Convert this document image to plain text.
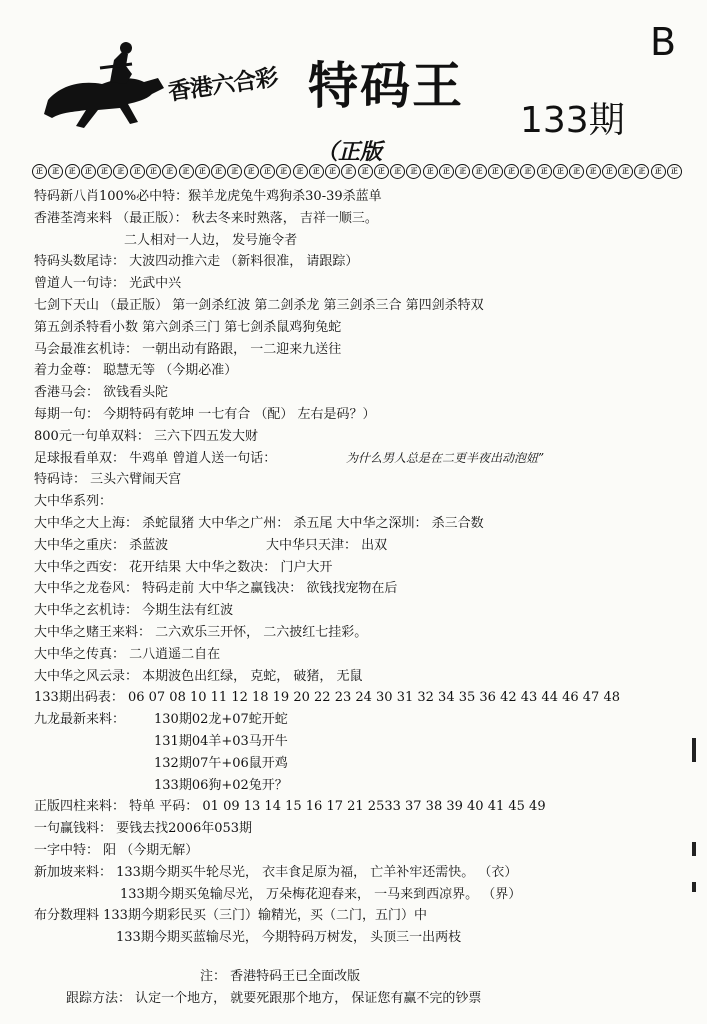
香港六合彩 特码王
133期
B
（正版
正	正	正	正	正	正	正	正	正	正	正	正	正	正	正	正	正	正	正	正	正	正	正	正	正	正	正	正	正	正	正	正	正	正	正	正	正	正	正	正
特码新八肖100%必中特：猴羊龙虎兔牛鸡狗杀30-39杀蓝单
香港荃湾来料 （最正版）： 秋去冬来时熟落， 吉祥一顺三。
二人相对一人边， 发号施令者
特码头数尾诗： 大波四动推六走 （新料很准， 请跟踪）
曾道人一句诗： 光武中兴
七剑下天山 （最正版） 第一剑杀红波 第二剑杀龙 第三剑杀三合 第四剑杀特双
第五剑杀特看小数 第六剑杀三门 第七剑杀鼠鸡狗兔蛇
马会最准玄机诗： 一朝出动有路跟， 一二迎来九送往
着力金尊： 聪慧无等 （今期必准）
香港马会： 欲钱看头陀
每期一句： 今期特码有乾坤 一七有合 （配） 左右是码？）
800元一句单双料： 三六下四五发大财
足球报看单双： 牛鸡单 曾道人送一句话：	为什么男人总是在二更半夜出动泡妞”
特码诗： 三头六臂闹天宫
大中华系列：
大中华之大上海： 杀蛇鼠猪 大中华之广州： 杀五尾 大中华之深圳： 杀三合数
大中华之重庆： 杀蓝波	大中华只天津： 出双
大中华之西安： 花开结果 大中华之数决： 门户大开
大中华之龙卷风： 特码走前 大中华之赢钱决： 欲钱找宠物在后
大中华之玄机诗： 今期生法有红波
大中华之赌王来料： 二六欢乐三开怀， 二六披红七挂彩。
大中华之传真： 二八逍遥二自在
大中华之风云录： 本期波色出红绿， 克蛇， 破猪， 无鼠
133期出码表： 06 07 08 10 11 12 18 19 20 22 23 24 30 31 32 34 35 36 42 43 44 46 47 48
九龙最新来料： 130期02龙+07蛇开蛇
131期04羊+03马开牛
132期07午+06鼠开鸡
133期06狗+02兔开？
正版四柱来料： 特单 平码： 01 09 13 14 15 16 17 21 2533 37 38 39 40 41 45 49
一句赢钱料： 要钱去找2006年053期
一字中特： 阳 （今期无解）
新加坡来料： 133期今期买牛轮尽光， 衣丰食足原为福， 亡羊补牢还需快。 （衣）
133期今期买兔输尽光， 万朵梅花迎春来， 一马来到西凉界。 （界）
布分数理料 133期今期彩民买（三门）输精光，买（二门，五门）中
133期今期买蓝输尽光， 今期特码万树发， 头顶三一出两枝
注： 香港特码王已全面改版
跟踪方法： 认定一个地方， 就要死跟那个地方， 保证您有赢不完的钞票
